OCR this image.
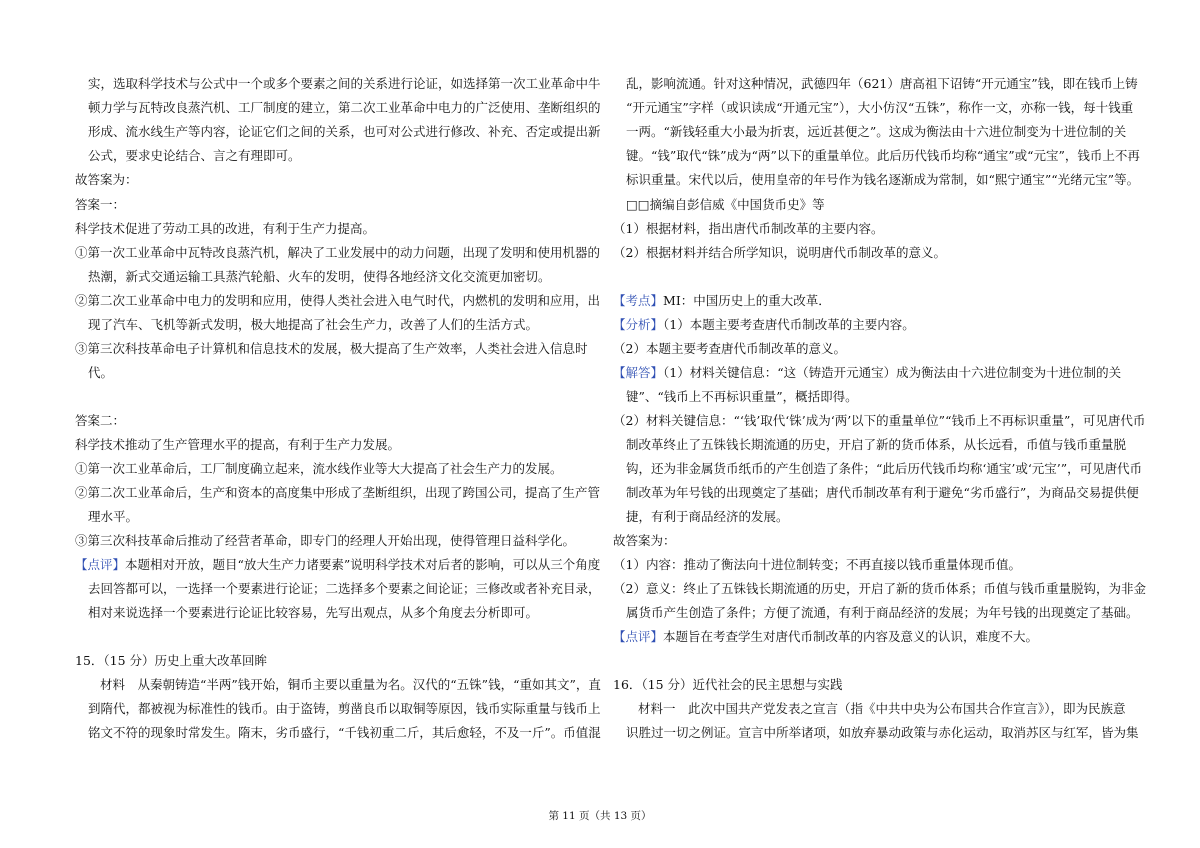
实，选取科学技术与公式中一个或多个要素之间的关系进行论证，如选择第一次工业革命中牛
顿力学与瓦特改良蒸汽机、工厂制度的建立，第二次工业革命中电力的广泛使用、垄断组织的
形成、流水线生产等内容，论证它们之间的关系，也可对公式进行修改、补充、否定或提出新
公式，要求史论结合、言之有理即可。
故答案为：
答案一：
科学技术促进了劳动工具的改进，有利于生产力提高。
①第一次工业革命中瓦特改良蒸汽机，解决了工业发展中的动力问题，出现了发明和使用机器的
热潮，新式交通运输工具蒸汽轮船、火车的发明，使得各地经济文化交流更加密切。
②第二次工业革命中电力的发明和应用，使得人类社会进入电气时代，内燃机的发明和应用，出
现了汽车、飞机等新式发明，极大地提高了社会生产力，改善了人们的生活方式。
③第三次科技革命电子计算机和信息技术的发展，极大提高了生产效率，人类社会进入信息时
代。
答案二：
科学技术推动了生产管理水平的提高，有利于生产力发展。
①第一次工业革命后，工厂制度确立起来，流水线作业等大大提高了社会生产力的发展。
②第二次工业革命后，生产和资本的高度集中形成了垄断组织，出现了跨国公司，提高了生产管
理水平。
③第三次科技革命后推动了经营者革命，即专门的经理人开始出现，使得管理日益科学化。
【点评】本题相对开放，题目“放大生产力诸要素”说明科学技术对后者的影响，可以从三个角度
去回答都可以，一选择一个要素进行论证；二选择多个要素之间论证；三修改或者补充目录，
相对来说选择一个要素进行论证比较容易，先写出观点，从多个角度去分析即可。
15．（15 分）历史上重大改革回眸
材料　从秦朝铸造“半两”钱开始，铜币主要以重量为名。汉代的“五铢”钱，“重如其文”，直
到隋代，都被视为标准性的钱币。由于盗铸，剪凿良币以取铜等原因，钱币实际重量与钱币上
铭文不符的现象时常发生。隋末，劣币盛行，“千钱初重二斤，其后愈轻，不及一斤”。币值混
乱，影响流通。针对这种情况，武德四年（621）唐高祖下诏铸“开元通宝”钱，即在钱币上铸
“开元通宝”字样（或识读成“开通元宝”），大小仿汉“五铢”，称作一文，亦称一钱，每十钱重
一两。“新钱轻重大小最为折衷，远近甚便之”。这成为衡法由十六进位制变为十进位制的关
键。“钱”取代“铢”成为“两”以下的重量单位。此后历代钱币均称“通宝”或“元宝”，钱币上不再
标识重量。宋代以后，使用皇帝的年号作为钱名逐渐成为常制，如“熙宁通宝”“光绪元宝”等。
□□摘编自彭信威《中国货币史》等
（1）根据材料，指出唐代币制改革的主要内容。
（2）根据材料并结合所学知识，说明唐代币制改革的意义。
【考点】MI：中国历史上的重大改革．
【分析】（1）本题主要考查唐代币制改革的主要内容。
（2）本题主要考查唐代币制改革的意义。
【解答】（1）材料关键信息：“这（铸造开元通宝）成为衡法由十六进位制变为十进位制的关
键”、“钱币上不再标识重量”，概括即得。
（2）材料关键信息：“‘钱’取代‘铢’成为‘两’以下的重量单位”“钱币上不再标识重量”，可见唐代币
制改革终止了五铢钱长期流通的历史，开启了新的货币体系，从长远看，币值与钱币重量脱
钩，还为非金属货币纸币的产生创造了条件；“此后历代钱币均称‘通宝’或‘元宝’”，可见唐代币
制改革为年号钱的出现奠定了基础；唐代币制改革有利于避免“劣币盛行”，为商品交易提供便
捷，有利于商品经济的发展。
故答案为：
（1）内容：推动了衡法向十进位制转变；不再直接以钱币重量体现币值。
（2）意义：终止了五铢钱长期流通的历史，开启了新的货币体系；币值与钱币重量脱钩，为非金
属货币产生创造了条件；方便了流通，有利于商品经济的发展；为年号钱的出现奠定了基础。
【点评】本题旨在考查学生对唐代币制改革的内容及意义的认识，难度不大。
16．（15 分）近代社会的民主思想与实践
材料一　此次中国共产党发表之宣言（指《中共中央为公布国共合作宣言》），即为民族意
识胜过一切之例证。宣言中所举诸项，如放弃暴动政策与赤化运动，取消苏区与红军，皆为集
第 11 页（共 13 页）
